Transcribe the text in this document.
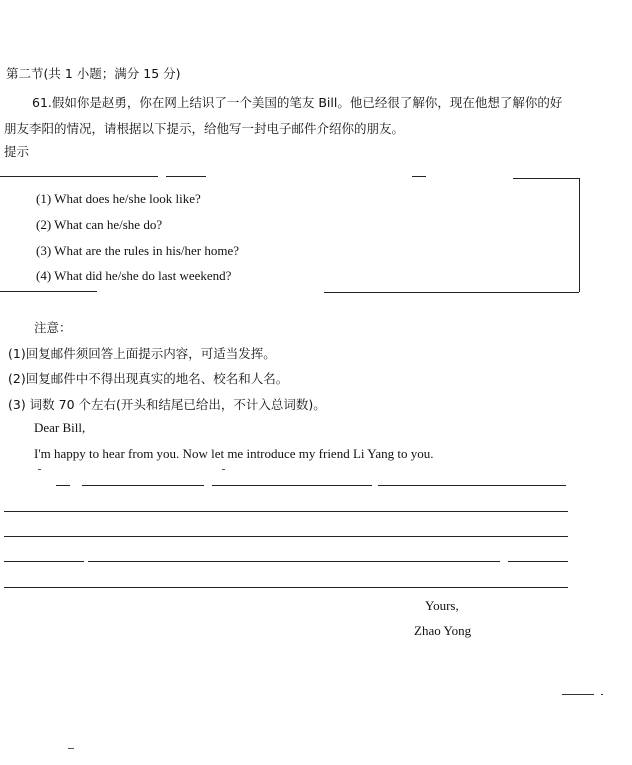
第二节(共 1 小题；满分 15 分)
61.假如你是赵勇，你在网上结识了一个美国的笔友 Bill。他已经很了解你，现在他想了解你的好
朋友李阳的情况，请根据以下提示，给他写一封电子邮件介绍你的朋友。
提示
(1) What does he/she look like?
(2) What can he/she do?
(3) What are the rules in his/her home?
(4) What did he/she do last weekend?
注意：
(1)回复邮件须回答上面提示内容，可适当发挥。
(2)回复邮件中不得出现真实的地名、校名和人名。
(3) 词数 70 个左右(开头和结尾已给出，不计入总词数)。
Dear Bill,
I'm happy to hear from you. Now let me introduce my friend Li Yang to you.
Yours,
Zhao Yong
